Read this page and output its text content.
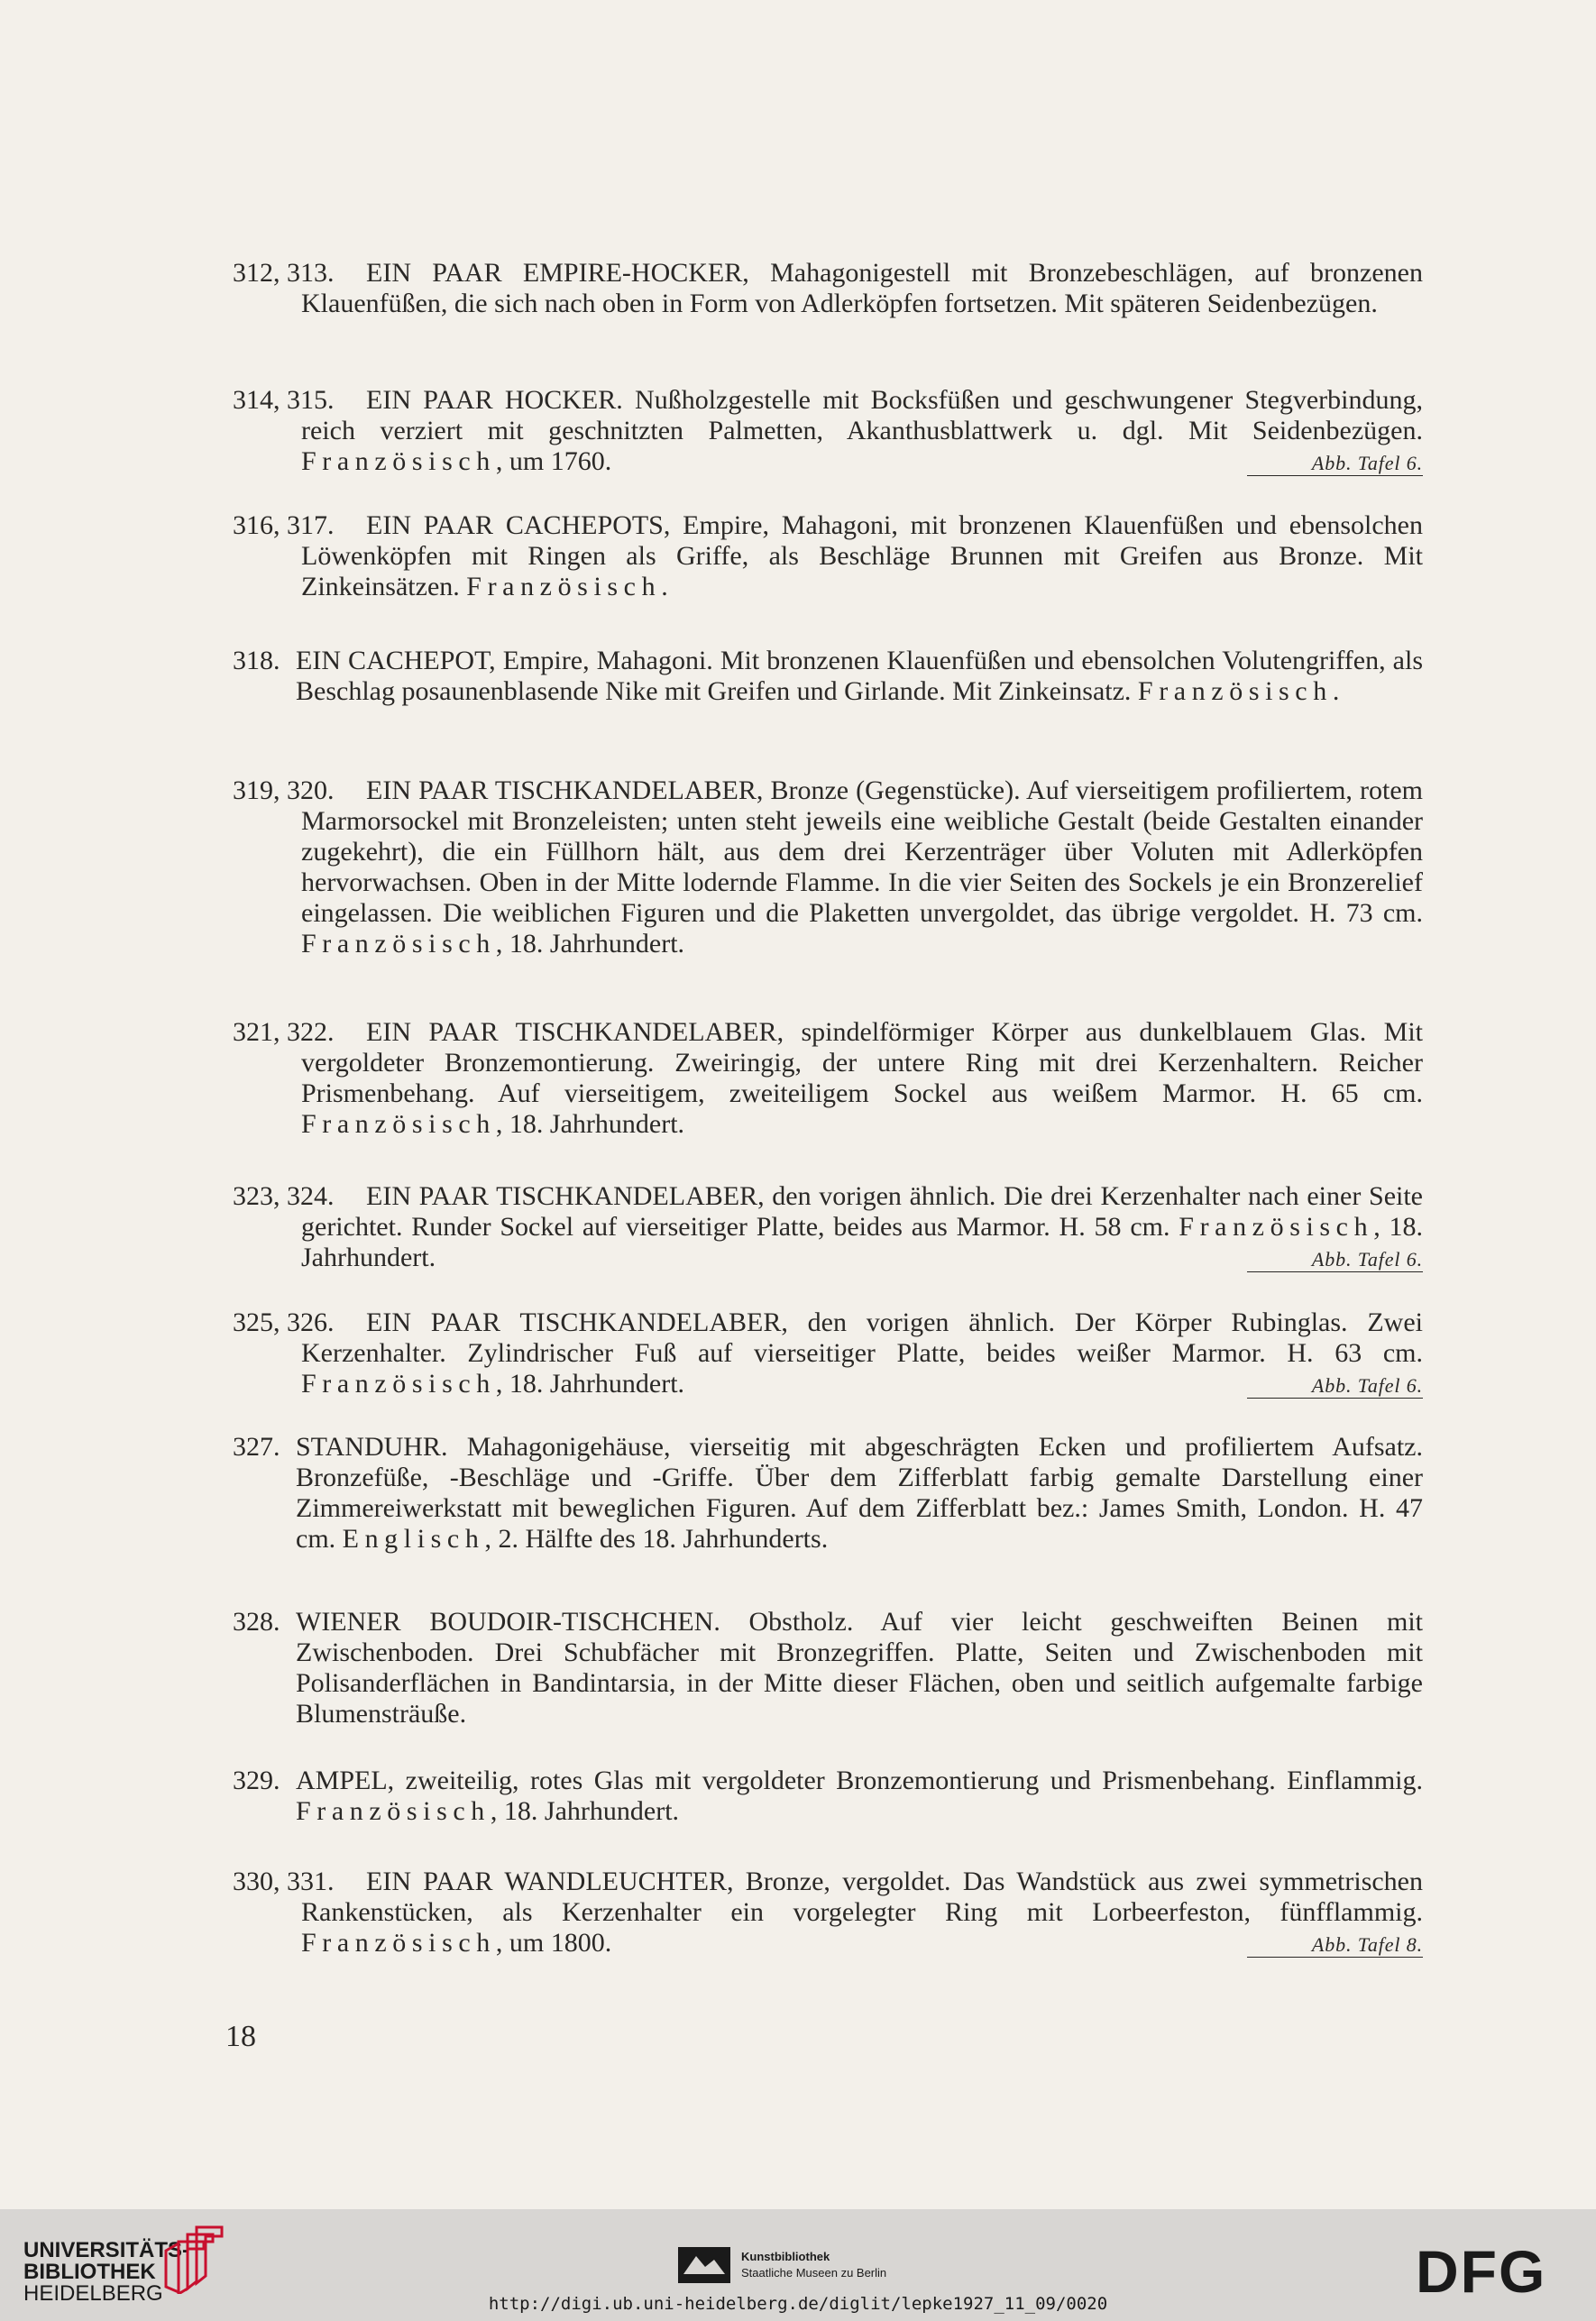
312, 313.	EIN PAAR EMPIRE-HOCKER, Mahagonigestell mit Bronzebeschlägen, auf bronzenen Klauenfüßen, die sich nach oben in Form von Adlerköpfen fortsetzen. Mit späteren Seidenbezügen.
314, 315.	EIN PAAR HOCKER. Nußholzgestelle mit Bocksfüßen und geschwungener Stegverbindung, reich verziert mit geschnitzten Palmetten, Akanthusblattwerk u. dgl. Mit Seidenbezügen. Französisch, um 1760.	Abb. Tafel 6.
316, 317.	EIN PAAR CACHEPOTS, Empire, Mahagoni, mit bronzenen Klauenfüßen und ebensolchen Löwenköpfen mit Ringen als Griffe, als Beschläge Brunnen mit Greifen aus Bronze. Mit Zinkeinsätzen. Französisch.
318. EIN CACHEPOT, Empire, Mahagoni. Mit bronzenen Klauenfüßen und ebensolchen Volutengriffen, als Beschlag posaunenblasende Nike mit Greifen und Girlande. Mit Zinkeinsatz. Französisch.
319, 320.	EIN PAAR TISCHKANDELABER, Bronze (Gegenstücke). Auf vierseitigem profiliertem, rotem Marmorsockel mit Bronzeleisten; unten steht jeweils eine weibliche Gestalt (beide Gestalten einander zugekehrt), die ein Füllhorn hält, aus dem drei Kerzenträger über Voluten mit Adlerköpfen hervorwachsen. Oben in der Mitte lodernde Flamme. In die vier Seiten des Sockels je ein Bronzerelief eingelassen. Die weiblichen Figuren und die Plaketten unvergoldet, das übrige vergoldet. H. 73 cm. Französisch, 18. Jahrhundert.
321, 322.	EIN PAAR TISCHKANDELABER, spindelförmiger Körper aus dunkelblauem Glas. Mit vergoldeter Bronzemontierung. Zweiringig, der untere Ring mit drei Kerzenhaltern. Reicher Prismenbehang. Auf vierseitigem, zweiteiligem Sockel aus weißem Marmor. H. 65 cm. Französisch, 18. Jahrhundert.
323, 324.	EIN PAAR TISCHKANDELABER, den vorigen ähnlich. Die drei Kerzenhalter nach einer Seite gerichtet. Runder Sockel auf vierseitiger Platte, beides aus Marmor. H. 58 cm. Französisch, 18. Jahrhundert.	Abb. Tafel 6.
325, 326.	EIN PAAR TISCHKANDELABER, den vorigen ähnlich. Der Körper Rubinglas. Zwei Kerzenhalter. Zylindrischer Fuß auf vierseitiger Platte, beides weißer Marmor. H. 63 cm. Französisch, 18. Jahrhundert.	Abb. Tafel 6.
327. STANDUHR. Mahagonigehäuse, vierseitig mit abgeschrägten Ecken und profiliertem Aufsatz. Bronzefüße, -Beschläge und -Griffe. Über dem Zifferblatt farbig gemalte Darstellung einer Zimmereiwerkstatt mit beweglichen Figuren. Auf dem Zifferblatt bez.: James Smith, London. H. 47 cm. Englisch, 2. Hälfte des 18. Jahrhunderts.
328. WIENER BOUDOIR-TISCHCHEN. Obstholz. Auf vier leicht geschweiften Beinen mit Zwischenboden. Drei Schubfächer mit Bronzegriffen. Platte, Seiten und Zwischenboden mit Polisanderflächen in Bandintarsia, in der Mitte dieser Flächen, oben und seitlich aufgemalte farbige Blumensträuße.
329. AMPEL, zweiteilig, rotes Glas mit vergoldeter Bronzemontierung und Prismenbehang. Einflammig. Französisch, 18. Jahrhundert.
330, 331.	EIN PAAR WANDLEUCHTER, Bronze, vergoldet. Das Wandstück aus zwei symmetrischen Rankenstücken, als Kerzenhalter ein vorgelegter Ring mit Lorbeerfeston, fünfflammig. Französisch, um 1800.	Abb. Tafel 8.
18
UNIVERSITÄTS-
BIBLIOTHEK
HEIDELBERG
Kunstbibliothek
Staatliche Museen zu Berlin	DFG
http://digi.ub.uni-heidelberg.de/diglit/lepke1927_11_09/0020
